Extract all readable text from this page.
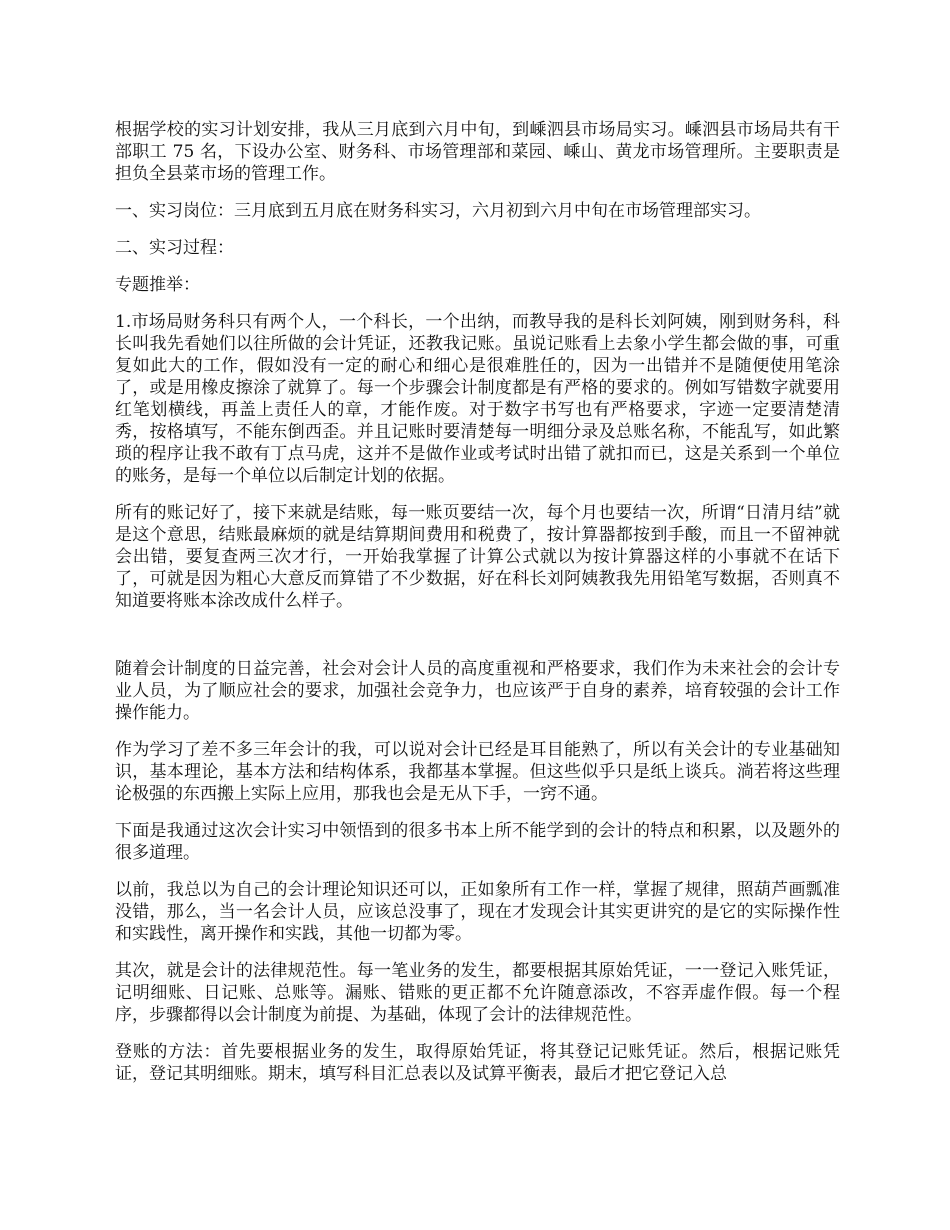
根据学校的实习计划安排，我从三月底到六月中旬，到嵊泗县市场局实习。嵊泗县市场局共有干部职工 75 名，下设办公室、财务科、市场管理部和菜园、嵊山、黄龙市场管理所。主要职责是担负全县菜市场的管理工作。

一、实习岗位：三月底到五月底在财务科实习，六月初到六月中旬在市场管理部实习。

二、实习过程：

专题推举：

1.市场局财务科只有两个人，一个科长，一个出纳，而教导我的是科长刘阿姨，刚到财务科，科长叫我先看她们以往所做的会计凭证，还教我记账。虽说记账看上去象小学生都会做的事，可重复如此大的工作，假如没有一定的耐心和细心是很难胜任的，因为一出错并不是随便使用笔涂了，或是用橡皮擦涂了就算了。每一个步骤会计制度都是有严格的要求的。例如写错数字就要用红笔划横线，再盖上责任人的章，才能作废。对于数字书写也有严格要求，字迹一定要清楚清秀，按格填写，不能东倒西歪。并且记账时要清楚每一明细分录及总账名称，不能乱写，如此繁琐的程序让我不敢有丁点马虎，这并不是做作业或考试时出错了就扣而已，这是关系到一个单位的账务，是每一个单位以后制定计划的依据。

所有的账记好了，接下来就是结账，每一账页要结一次，每个月也要结一次，所谓“日清月结”就是这个意思，结账最麻烦的就是结算期间费用和税费了，按计算器都按到手酸，而且一不留神就会出错，要复查两三次才行，一开始我掌握了计算公式就以为按计算器这样的小事就不在话下了，可就是因为粗心大意反而算错了不少数据，好在科长刘阿姨教我先用铅笔写数据，否则真不知道要将账本涂改成什么样子。

随着会计制度的日益完善，社会对会计人员的高度重视和严格要求，我们作为未来社会的会计专业人员，为了顺应社会的要求，加强社会竞争力，也应该严于自身的素养，培育较强的会计工作操作能力。

作为学习了差不多三年会计的我，可以说对会计已经是耳目能熟了，所以有关会计的专业基础知识，基本理论，基本方法和结构体系，我都基本掌握。但这些似乎只是纸上谈兵。淌若将这些理论极强的东西搬上实际上应用，那我也会是无从下手，一窍不通。

下面是我通过这次会计实习中领悟到的很多书本上所不能学到的会计的特点和积累，以及题外的很多道理。

以前，我总以为自己的会计理论知识还可以，正如象所有工作一样，掌握了规律，照葫芦画瓢准没错，那么，当一名会计人员，应该总没事了，现在才发现会计其实更讲究的是它的实际操作性和实践性，离开操作和实践，其他一切都为零。

其次，就是会计的法律规范性。每一笔业务的发生，都要根据其原始凭证，一一登记入账凭证，记明细账、日记账、总账等。漏账、错账的更正都不允许随意添改，不容弄虚作假。每一个程序，步骤都得以会计制度为前提、为基础，体现了会计的法律规范性。

登账的方法：首先要根据业务的发生，取得原始凭证，将其登记记账凭证。然后，根据记账凭证，登记其明细账。期末，填写科目汇总表以及试算平衡表，最后才把它登记入总
